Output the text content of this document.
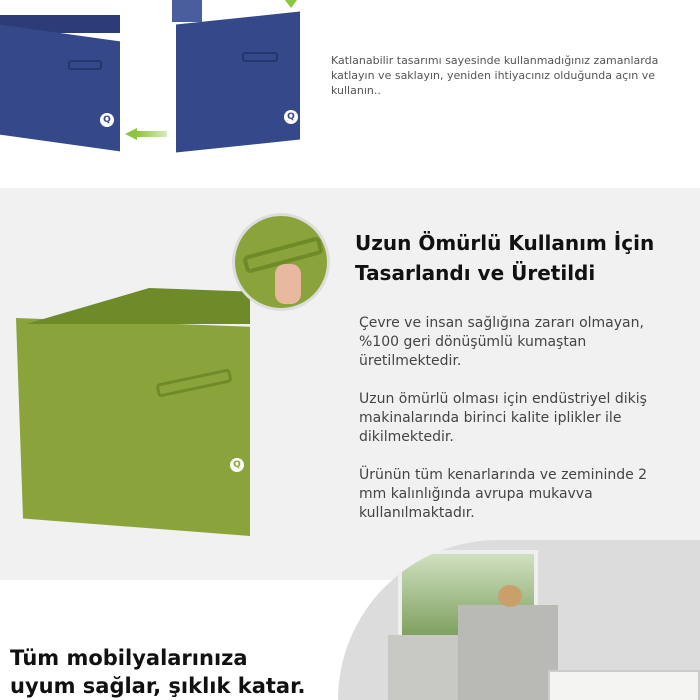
Q	Q
Katlanabilir tasarımı sayesinde kullanmadığınız zamanlarda katlayın ve saklayın, yeniden ihtiyacınız olduğunda açın ve kullanın..
Q
Uzun Ömürlü Kullanım İçin
Tasarlandı ve Üretildi

Çevre ve insan sağlığına zararı olmayan, %100 geri dönüşümlü kumaştan üretilmektedir.

Uzun ömürlü olması için endüstriyel dikiş makinalarında birinci kalite iplikler ile dikilmektedir.

Ürünün tüm kenarlarında ve zemininde 2 mm kalınlığında avrupa mukavva kullanılmaktadır.

Tüm mobilyalarınıza
uyum sağlar, şıklık katar.
